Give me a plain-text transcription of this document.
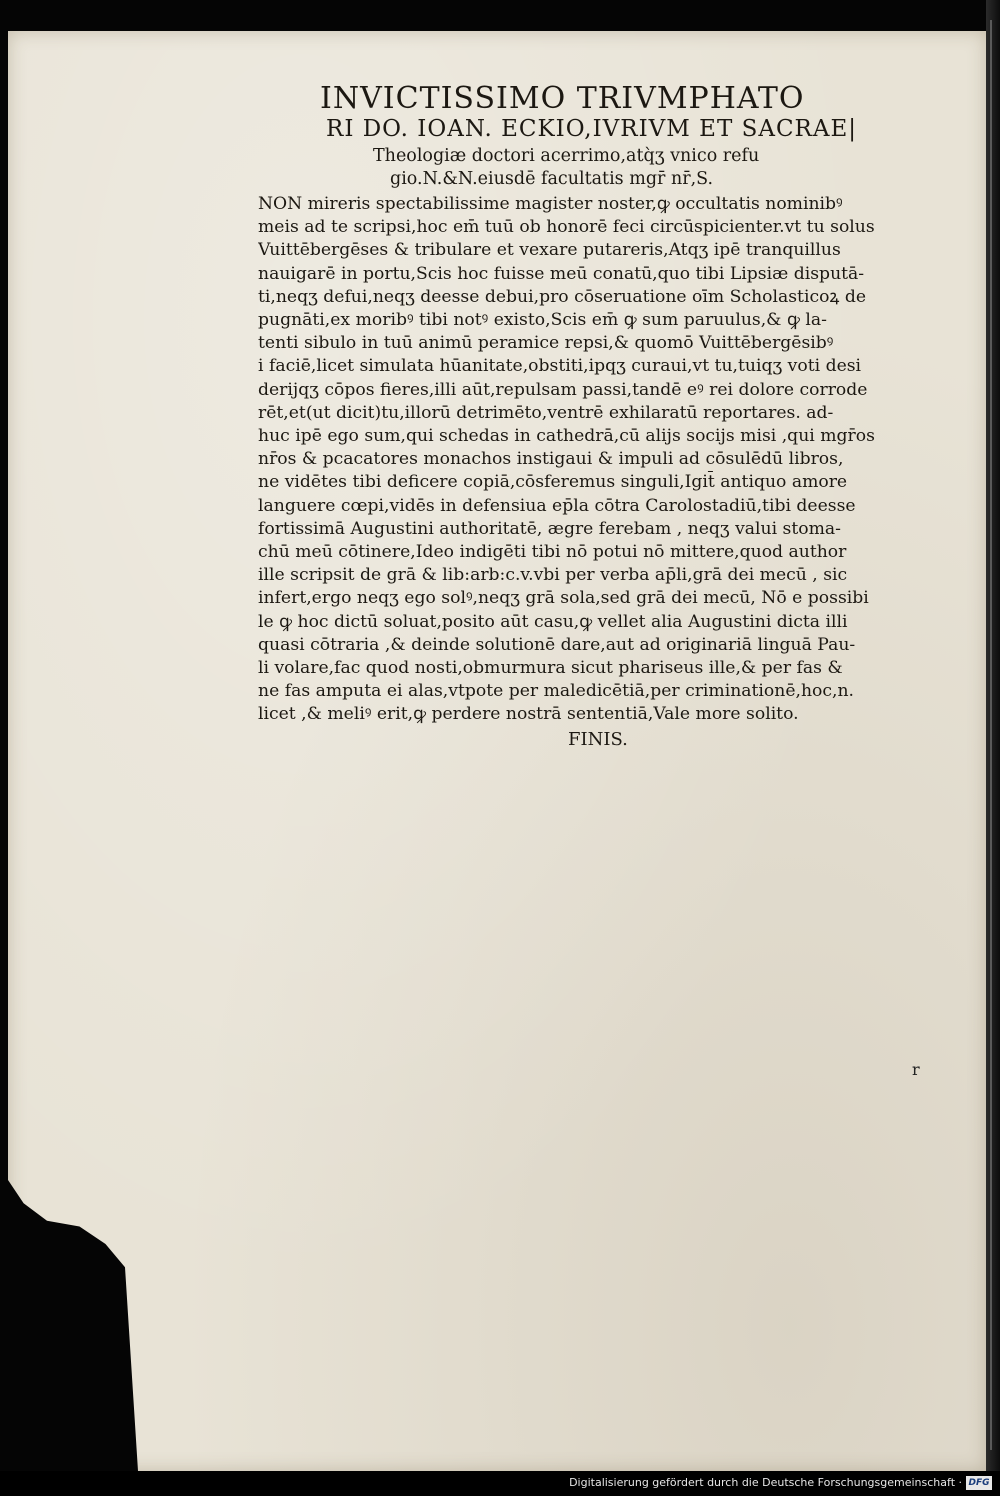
INVICTISSIMO TRIVMPHATO
RI DO. IOAN. ECKIO,IVRIVM ET SACRAE|
Theologiæ doctori acerrimo,atq̀ʒ vnico refu
gio.N.&N.eiusdē facultatis mgr̄ nr̄,S.
NON mireris spectabilissime magister noster,ꝙ occultatis nominibꝰ
meis ad te scripsi,hoc em̄ tuū ob honorē feci circūspicienter.vt tu solus
Vuittēbergēses & tribulare et vexare putareris,Atqʒ ipē tranquillus
nauigarē in portu,Scis hoc fuisse meū conatū,quo tibi Lipsiæ disputā-
ti,neqʒ defui,neqʒ deesse debui,pro cōseruatione oīm Scholasticoꝝ de
pugnāti,ex moribꝰ tibi notꝰ existo,Scis em̄ ꝙ sum paruulus,& ꝙ la-
tenti sibulo in tuū animū peramice repsi,& quomō Vuittēbergēsibꝰ
i faciē,licet simulata hūanitate,obstiti,ipqʒ curaui,vt tu,tuiqʒ voti desi
derijqʒ cōpos fieres,illi aūt,repulsam passi,tandē eꝰ rei dolore corrode
rēt,et(ut dicit)tu,illorū detrimēto,ventrē exhilaratū reportares. ad-
huc ipē ego sum,qui schedas in cathedrā,cū alijs socijs misi ,qui mgr̄os
nr̄os & pcacatores monachos instigaui & impuli ad cōsulēdū libros,
ne vidētes tibi deficere copiā,cōsferemus singuli,Igit̄ antiquo amore
languere cœpi,vidēs in defensiua ep̄la cōtra Carolostadiū,tibi deesse
fortissimā Augustini authoritatē, ægre ferebam , neqʒ valui stoma-
chū meū cōtinere,Ideo indigēti tibi nō potui nō mittere,quod author
ille scripsit de grā & lib:arb:c.v.vbi per verba ap̄li,grā dei mecū , sic
infert,ergo neqʒ ego solꝰ,neqʒ grā sola,sed grā dei mecū, Nō e possibi
le ꝙ hoc dictū soluat,posito aūt casu,ꝙ vellet alia Augustini dicta illi
quasi cōtraria ,& deinde solutionē dare,aut ad originariā linguā Pau-
li volare,fac quod nosti,obmurmura sicut phariseus ille,& per fas &
ne fas amputa ei alas,vtpote per maledicētiā,per criminationē,hoc,n.
licet ,& meliꝰ erit,ꝙ perdere nostrā sententiā,Vale more solito.
FINIS.
r
Digitalisierung gefördert durch die Deutsche Forschungsgemeinschaft · DFG
